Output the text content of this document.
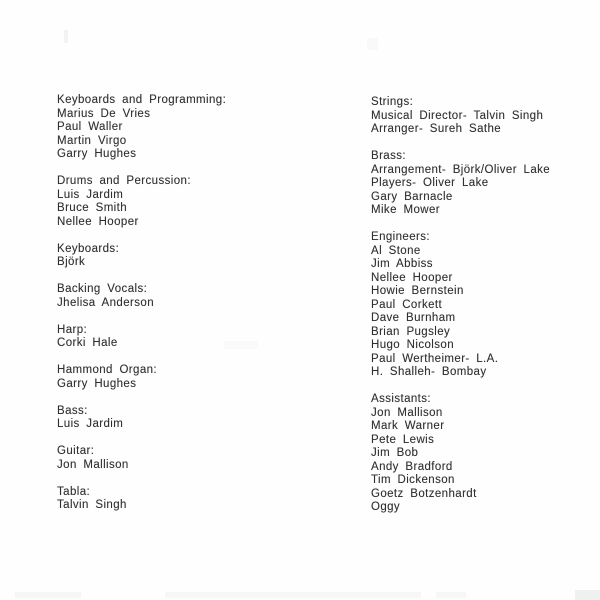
Keyboards and Programming:
Marius De Vries
Paul Waller
Martin Virgo
Garry Hughes
Drums and Percussion:
Luis Jardim
Bruce Smith
Nellee Hooper
Keyboards:
Björk
Backing Vocals:
Jhelisa Anderson
Harp:
Corki Hale
Hammond Organ:
Garry Hughes
Bass:
Luis Jardim
Guitar:
Jon Mallison
Tabla:
Talvin Singh
Strings:
Musical Director- Talvin Singh
Arranger- Sureh Sathe
Brass:
Arrangement- Björk/Oliver Lake
Players- Oliver Lake
Gary Barnacle
Mike Mower
Engineers:
Al Stone
Jim Abbiss
Nellee Hooper
Howie Bernstein
Paul Corkett
Dave Burnham
Brian Pugsley
Hugo Nicolson
Paul Wertheimer- L.A.
H. Shalleh- Bombay
Assistants:
Jon Mallison
Mark Warner
Pete Lewis
Jim Bob
Andy Bradford
Tim Dickenson
Goetz Botzenhardt
Oggy
